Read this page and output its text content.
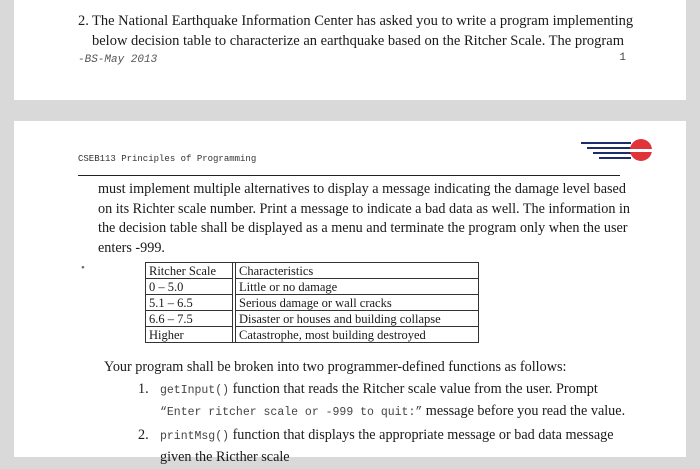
2. The National Earthquake Information Center has asked you to write a program implementing below decision table to characterize an earthquake based on the Ritcher Scale. The program
-BS-May 2013	1
CSEB113 Principles of Programming
must implement multiple alternatives to display a message indicating the damage level based on its Richter scale number. Print a message to indicate a bad data as well. The information in the decision table shall be displayed as a menu and terminate the program only when the user enters -999.
•	Ritcher Scale		Characteristics
0 – 5.0		Little or no damage
5.1 – 6.5		Serious damage or wall cracks
6.6 – 7.5		Disaster or houses and building collapse
Higher		Catastrophe, most building destroyed
Your program shall be broken into two programmer-defined functions as follows:
1. getInput() function that reads the Ritcher scale value from the user. Prompt “Enter ritcher scale or -999 to quit:” message before you read the value.
2. printMsg() function that displays the appropriate message or bad data message given the Ricther scale
